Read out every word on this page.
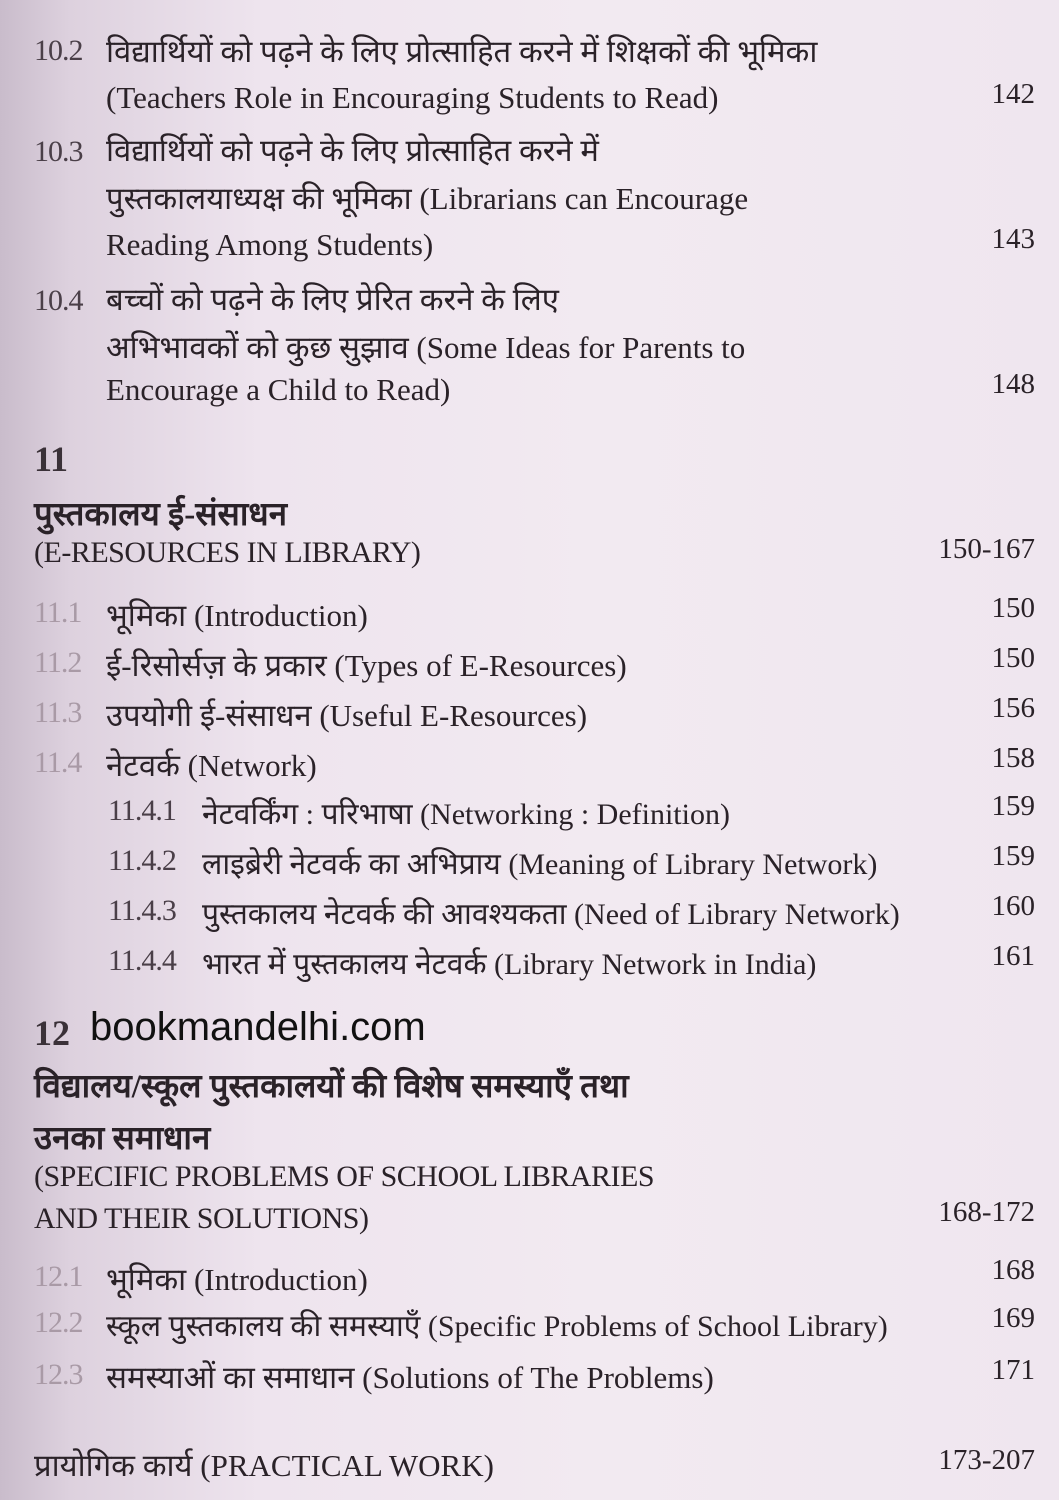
10.2 विद्यार्थियों को पढ़ने के लिए प्रोत्साहित करने में शिक्षकों की भूमिका
(Teachers Role in Encouraging Students to Read)	142
10.3 विद्यार्थियों को पढ़ने के लिए प्रोत्साहित करने में
पुस्तकालयाध्यक्ष की भूमिका (Librarians can Encourage
Reading Among Students)	143
10.4 बच्चों को पढ़ने के लिए प्रेरित करने के लिए
अभिभावकों को कुछ सुझाव (Some Ideas for Parents to
Encourage a Child to Read)	148
11
पुस्तकालय ई-संसाधन
(E-RESOURCES IN LIBRARY)	150-167
11.1 भूमिका (Introduction)	150
11.2 ई-रिसोर्सज़ के प्रकार (Types of E-Resources)	150
11.3 उपयोगी ई-संसाधन (Useful E-Resources)	156
11.4 नेटवर्क (Network)	158
11.4.1 नेटवर्किंग : परिभाषा (Networking : Definition)	159
11.4.2 लाइब्रेरी नेटवर्क का अभिप्राय (Meaning of Library Network)	159
11.4.3 पुस्तकालय नेटवर्क की आवश्यकता (Need of Library Network)	160
11.4.4 भारत में पुस्तकालय नेटवर्क (Library Network in India)	161
12 bookmandelhi.com
विद्यालय/स्कूल पुस्तकालयों की विशेष समस्याएँ तथा
उनका समाधान
(SPECIFIC PROBLEMS OF SCHOOL LIBRARIES
AND THEIR SOLUTIONS)	168-172
12.1 भूमिका (Introduction)	168
12.2 स्कूल पुस्तकालय की समस्याएँ (Specific Problems of School Library)	169
12.3 समस्याओं का समाधान (Solutions of The Problems)	171
प्रायोगिक कार्य (PRACTICAL WORK)	173-207
